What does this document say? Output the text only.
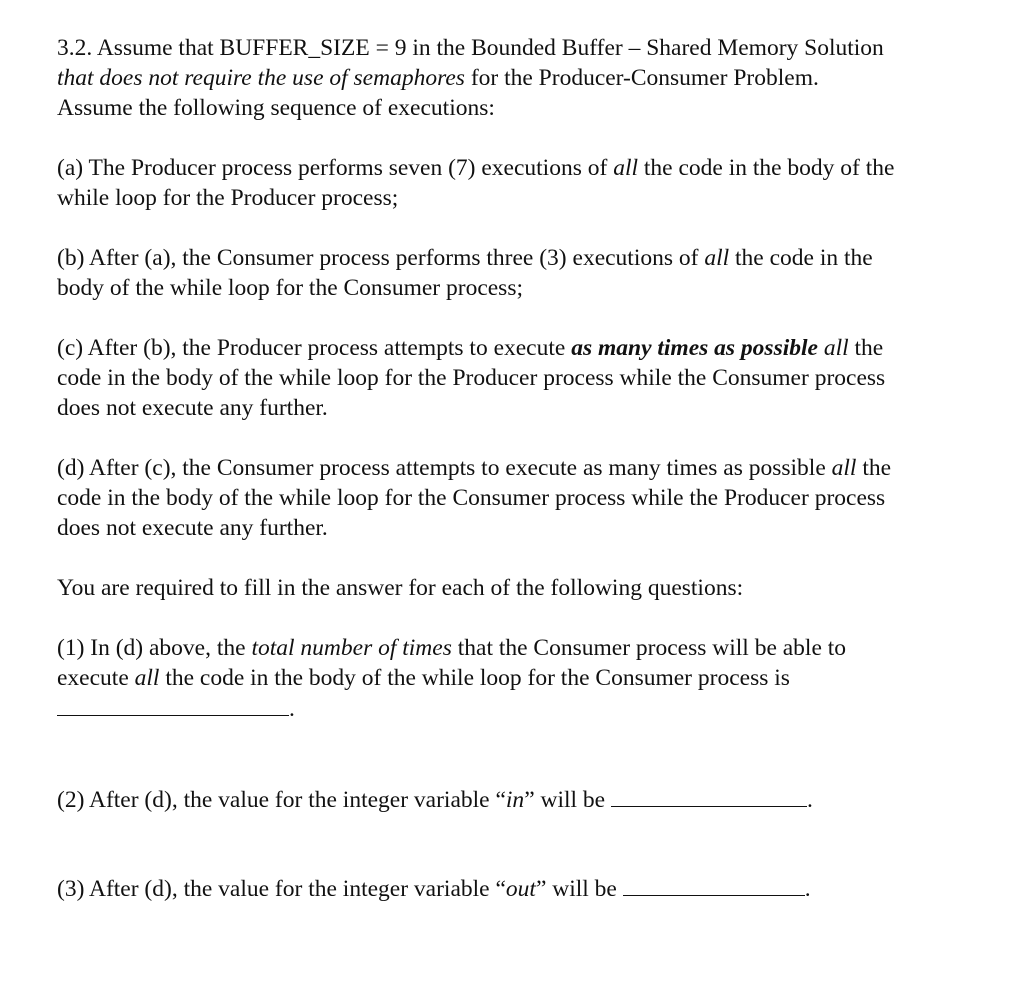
3.2. Assume that BUFFER_SIZE = 9 in the Bounded Buffer – Shared Memory Solution
that does not require the use of semaphores for the Producer-Consumer Problem.
Assume the following sequence of executions:
(a) The Producer process performs seven (7) executions of all the code in the body of the
while loop for the Producer process;
(b) After (a), the Consumer process performs three (3) executions of all the code in the
body of the while loop for the Consumer process;
(c) After (b), the Producer process attempts to execute as many times as possible all the
code in the body of the while loop for the Producer process while the Consumer process
does not execute any further.
(d) After (c), the Consumer process attempts to execute as many times as possible all the
code in the body of the while loop for the Consumer process while the Producer process
does not execute any further.
You are required to fill in the answer for each of the following questions:
(1) In (d) above, the total number of times that the Consumer process will be able to
execute all the code in the body of the while loop for the Consumer process is
.
(2) After (d), the value for the integer variable “in” will be	.
(3) After (d), the value for the integer variable “out” will be	.
